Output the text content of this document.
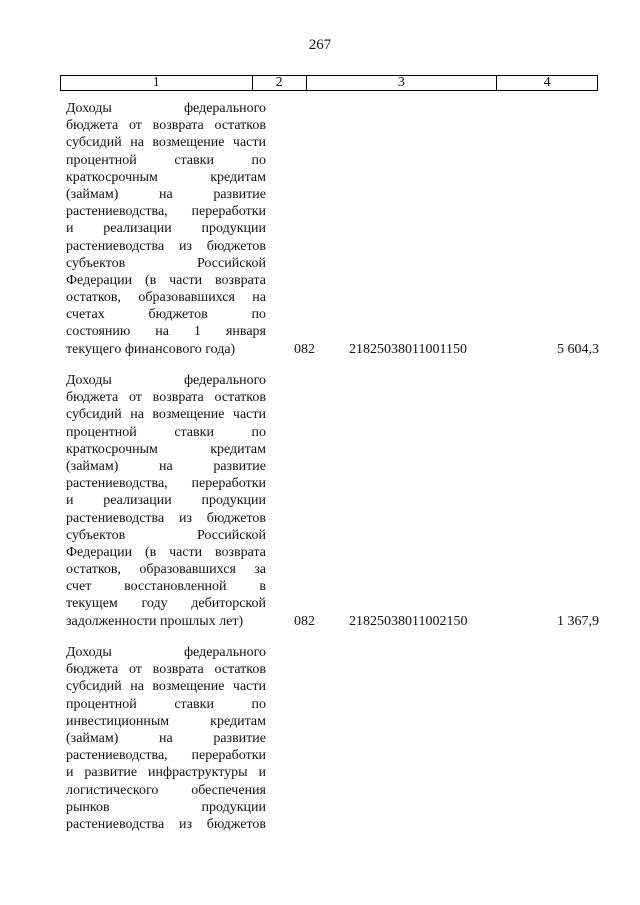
267
1	2	3	4
Доходы федерального
бюджета от возврата остатков
субсидий на возмещение части
процентной ставки по
краткосрочным кредитам
(займам) на развитие
растениеводства, переработки
и реализации продукции
растениеводства из бюджетов
субъектов Российской
Федерации (в части возврата
остатков, образовавшихся на
счетах бюджетов по
состоянию на 1 января
текущего финансового года)	082	21825038011001150	5 604,3
Доходы федерального
бюджета от возврата остатков
субсидий на возмещение части
процентной ставки по
краткосрочным кредитам
(займам) на развитие
растениеводства, переработки
и реализации продукции
растениеводства из бюджетов
субъектов Российской
Федерации (в части возврата
остатков, образовавшихся за
счет восстановленной в
текущем году дебиторской
задолженности прошлых лет)	082	21825038011002150	1 367,9
Доходы федерального
бюджета от возврата остатков
субсидий на возмещение части
процентной ставки по
инвестиционным кредитам
(займам) на развитие
растениеводства, переработки
и развитие инфраструктуры и
логистического обеспечения
рынков продукции
растениеводства из бюджетов
